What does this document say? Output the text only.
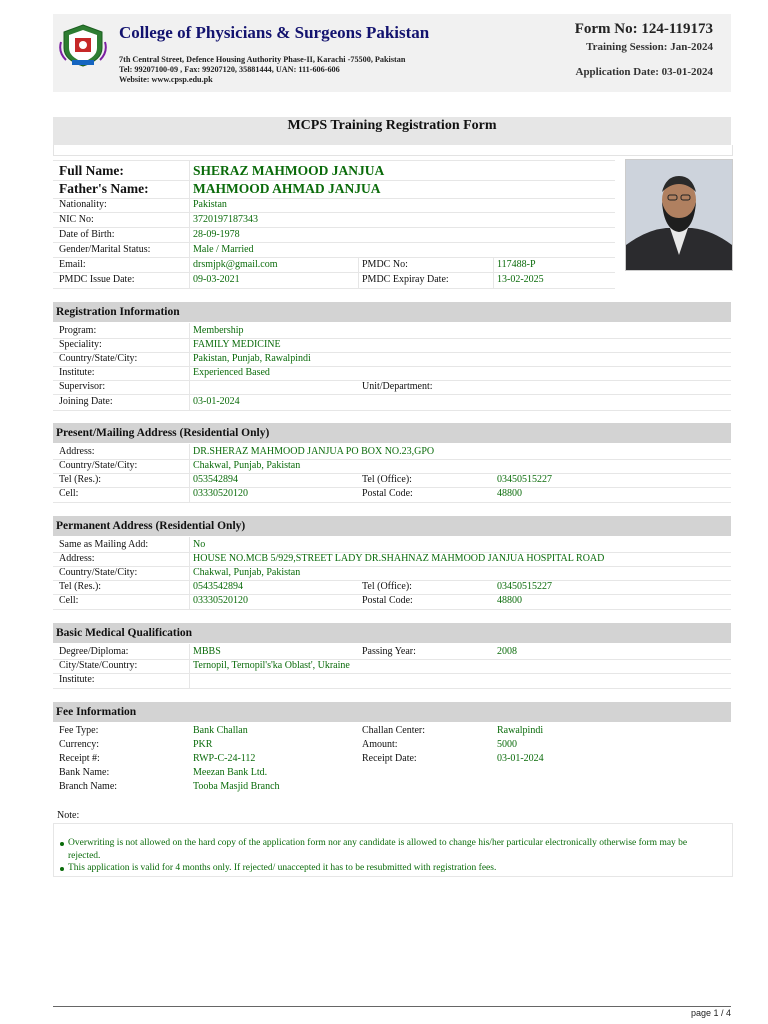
College of Physicians & Surgeons Pakistan
7th Central Street, Defence Housing Authority Phase-II, Karachi -75500, Pakistan
Tel: 99207100-09 , Fax: 99207120, 35881444, UAN: 111-606-606
Website: www.cpsp.edu.pk
Form No: 124-119173
Training Session: Jan-2024
Application Date: 03-01-2024
MCPS Training Registration Form
Full Name:	SHERAZ MAHMOOD JANJUA
Father's Name:	MAHMOOD AHMAD JANJUA
Nationality:	Pakistan
NIC No:	3720197187343
Date of Birth:	28-09-1978
Gender/Marital Status:	Male / Married
Email:	drsmjpk@gmail.com	PMDC No:	117488-P
PMDC Issue Date:	09-03-2021	PMDC Expiray Date:	13-02-2025
Registration Information
Program:	Membership
Speciality:	FAMILY MEDICINE
Country/State/City:	Pakistan, Punjab, Rawalpindi
Institute:	Experienced Based
Supervisor:	Unit/Department:
Joining Date:	03-01-2024
Present/Mailing Address (Residential Only)
Address:	DR.SHERAZ MAHMOOD JANJUA PO BOX NO.23,GPO
Country/State/City:	Chakwal, Punjab, Pakistan
Tel (Res.):	053542894	Tel (Office):	03450515227
Cell:	03330520120	Postal Code:	48800
Permanent Address (Residential Only)
Same as Mailing Add:	No
Address:	HOUSE NO.MCB 5/929,STREET LADY DR.SHAHNAZ MAHMOOD JANJUA HOSPITAL ROAD
Country/State/City:	Chakwal, Punjab, Pakistan
Tel (Res.):	0543542894	Tel (Office):	03450515227
Cell:	03330520120	Postal Code:	48800
Basic Medical Qualification
Degree/Diploma:	MBBS	Passing Year:	2008
City/State/Country:	Ternopil, Ternopil's'ka Oblast', Ukraine
Institute:
Fee Information
Fee Type:	Bank Challan	Challan Center:	Rawalpindi
Currency:	PKR	Amount:	5000
Receipt #:	RWP-C-24-112	Receipt Date:	03-01-2024
Bank Name:	Meezan Bank Ltd.
Branch Name:	Tooba Masjid Branch
Note:
Overwriting is not allowed on the hard copy of the application form nor any candidate is allowed to change his/her particular electronically otherwise form may be rejected.
This application is valid for 4 months only. If rejected/ unaccepted it has to be resubmitted with registration fees.
page 1 / 4
